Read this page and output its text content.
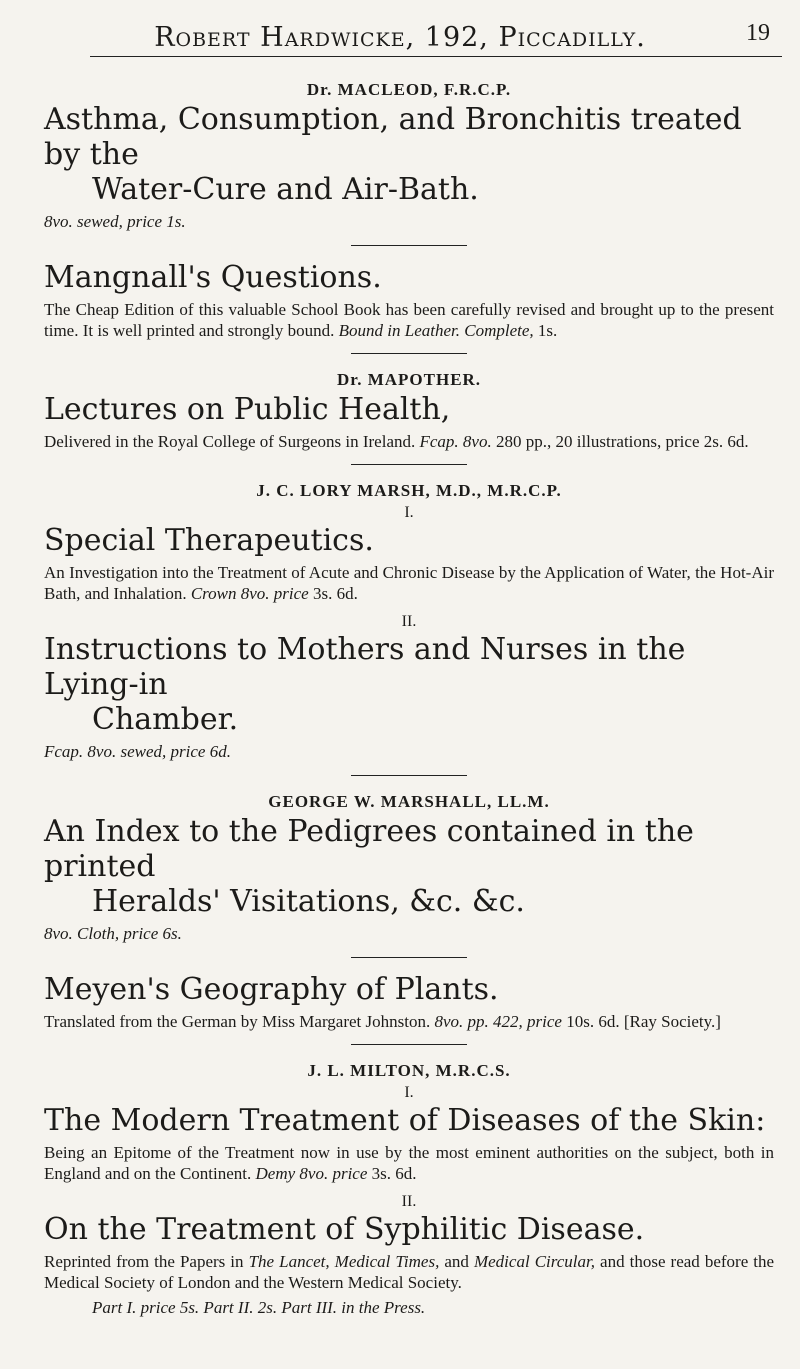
Robert Hardwicke, 192, Piccadilly.	19

Dr. MACLEOD, F.R.C.P.

Asthma, Consumption, and Bronchitis treated by the
Water-Cure and Air-Bath.

8vo. sewed, price 1s.

Mangnall's Questions.

The Cheap Edition of this valuable School Book has been carefully revised and brought up to the present time. It is well printed and strongly bound. Bound in Leather. Complete, 1s.

Dr. MAPOTHER.

Lectures on Public Health,

Delivered in the Royal College of Surgeons in Ireland. Fcap. 8vo. 280 pp., 20 illustrations, price 2s. 6d.

J. C. LORY MARSH, M.D., M.R.C.P.

I.

Special Therapeutics.

An Investigation into the Treatment of Acute and Chronic Disease by the Application of Water, the Hot-Air Bath, and Inhalation. Crown 8vo. price 3s. 6d.

II.

Instructions to Mothers and Nurses in the Lying-in
Chamber.

Fcap. 8vo. sewed, price 6d.

GEORGE W. MARSHALL, LL.M.

An Index to the Pedigrees contained in the printed
Heralds' Visitations, &c. &c.

8vo. Cloth, price 6s.

Meyen's Geography of Plants.

Translated from the German by Miss Margaret Johnston. 8vo. pp. 422, price 10s. 6d. [Ray Society.]

J. L. MILTON, M.R.C.S.

I.

The Modern Treatment of Diseases of the Skin:

Being an Epitome of the Treatment now in use by the most eminent authorities on the subject, both in England and on the Continent. Demy 8vo. price 3s. 6d.

II.

On the Treatment of Syphilitic Disease.

Reprinted from the Papers in The Lancet, Medical Times, and Medical Circular, and those read before the Medical Society of London and the Western Medical Society.

Part I. price 5s. Part II. 2s. Part III. in the Press.
